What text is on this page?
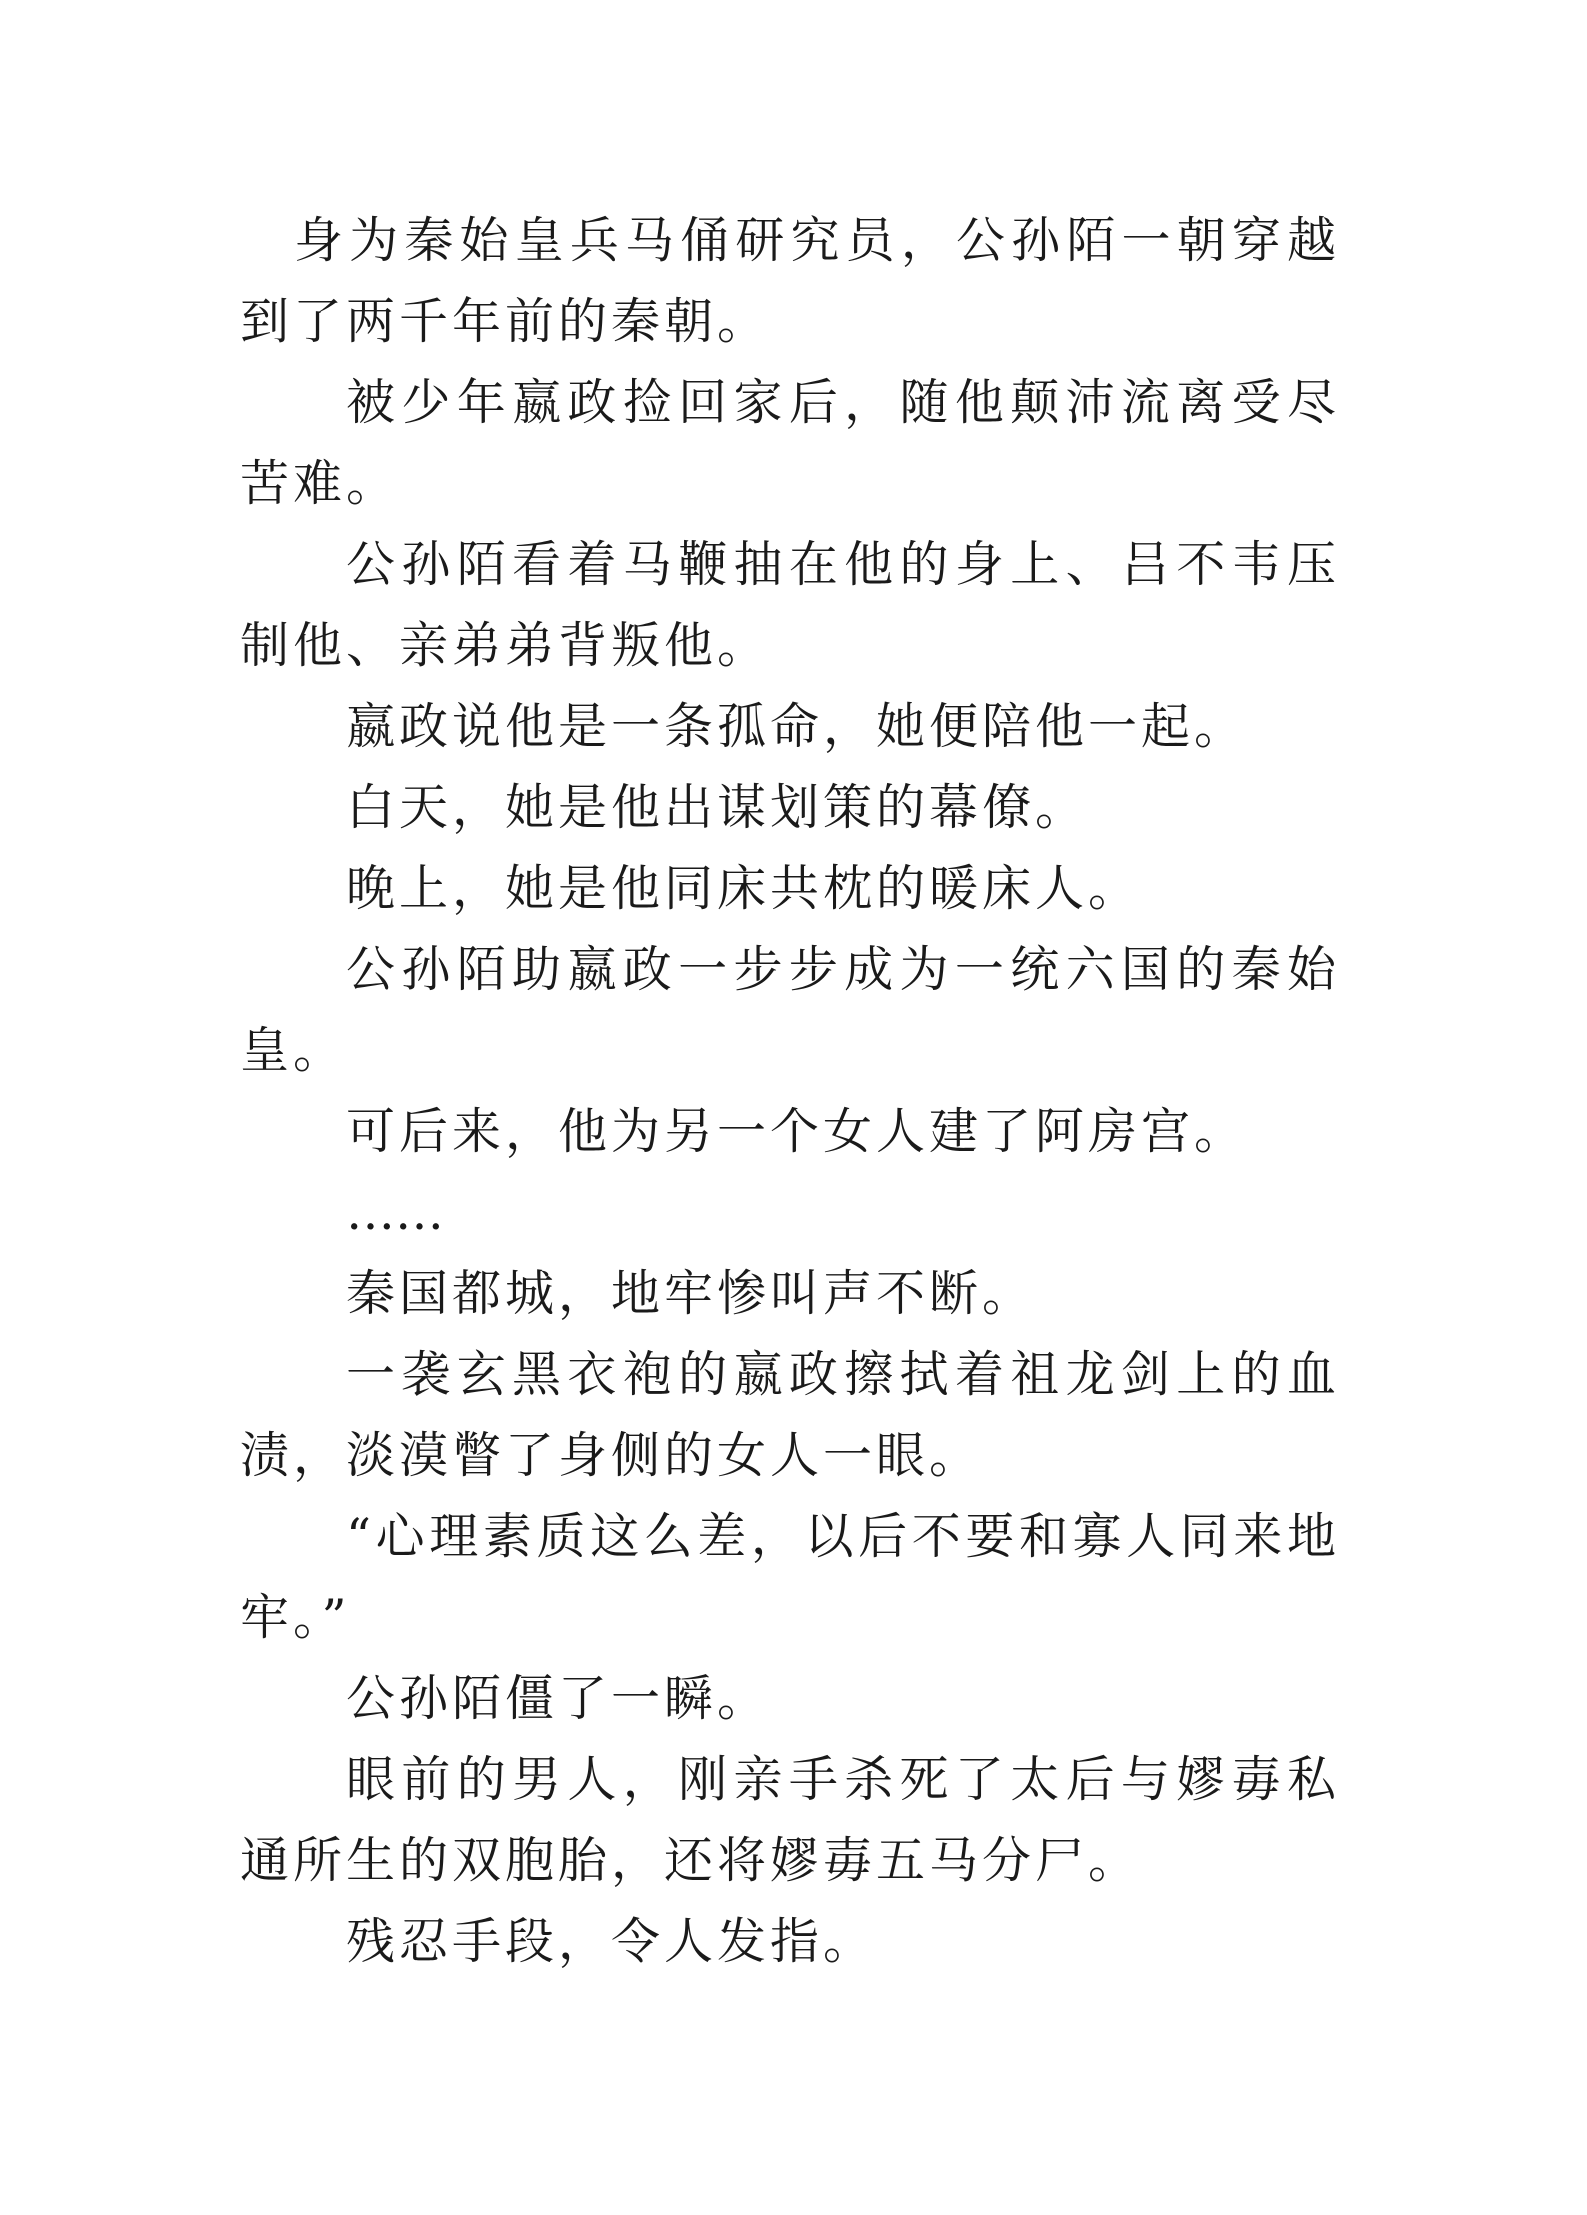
身为秦始皇兵马俑研究员，公孙陌一朝穿越到了两千年前的秦朝。

被少年嬴政捡回家后，随他颠沛流离受尽苦难。

公孙陌看着马鞭抽在他的身上、吕不韦压制他、亲弟弟背叛他。

嬴政说他是一条孤命，她便陪他一起。

白天，她是他出谋划策的幕僚。

晚上，她是他同床共枕的暖床人。

公孙陌助嬴政一步步成为一统六国的秦始皇。

可后来，他为另一个女人建了阿房宫。

……

秦国都城，地牢惨叫声不断。

一袭玄黑衣袍的嬴政擦拭着祖龙剑上的血渍，淡漠瞥了身侧的女人一眼。

“心理素质这么差，以后不要和寡人同来地牢。”

公孙陌僵了一瞬。

眼前的男人，刚亲手杀死了太后与嫪毐私通所生的双胞胎，还将嫪毐五马分尸。

残忍手段，令人发指。
